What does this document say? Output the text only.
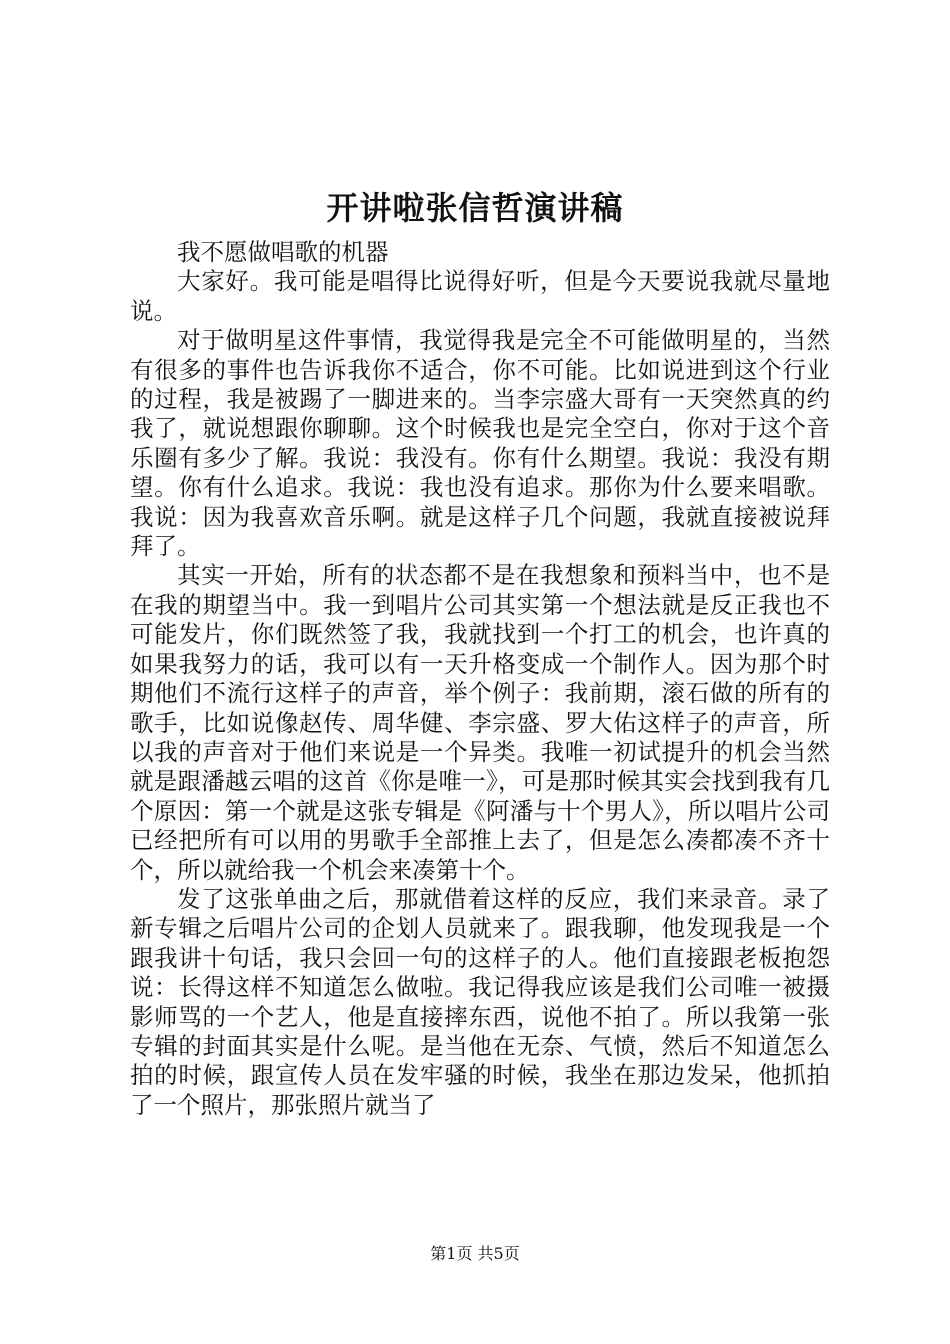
开讲啦张信哲演讲稿

我不愿做唱歌的机器

大家好。我可能是唱得比说得好听，但是今天要说我就尽量地说。

对于做明星这件事情，我觉得我是完全不可能做明星的，当然有很多的事件也告诉我你不适合，你不可能。比如说进到这个行业的过程，我是被踢了一脚进来的。当李宗盛大哥有一天突然真的约我了，就说想跟你聊聊。这个时候我也是完全空白，你对于这个音乐圈有多少了解。我说：我没有。你有什么期望。我说：我没有期望。你有什么追求。我说：我也没有追求。那你为什么要来唱歌。我说：因为我喜欢音乐啊。就是这样子几个问题，我就直接被说拜拜了。

其实一开始，所有的状态都不是在我想象和预料当中，也不是在我的期望当中。我一到唱片公司其实第一个想法就是反正我也不可能发片，你们既然签了我，我就找到一个打工的机会，也许真的如果我努力的话，我可以有一天升格变成一个制作人。因为那个时期他们不流行这样子的声音，举个例子：我前期，滚石做的所有的歌手，比如说像赵传、周华健、李宗盛、罗大佑这样子的声音，所以我的声音对于他们来说是一个异类。我唯一初试提升的机会当然就是跟潘越云唱的这首《你是唯一》，可是那时候其实会找到我有几个原因：第一个就是这张专辑是《阿潘与十个男人》，所以唱片公司已经把所有可以用的男歌手全部推上去了，但是怎么凑都凑不齐十个，所以就给我一个机会来凑第十个。

发了这张单曲之后，那就借着这样的反应，我们来录音。录了新专辑之后唱片公司的企划人员就来了。跟我聊，他发现我是一个跟我讲十句话，我只会回一句的这样子的人。他们直接跟老板抱怨说：长得这样不知道怎么做啦。我记得我应该是我们公司唯一被摄影师骂的一个艺人，他是直接摔东西，说他不拍了。所以我第一张专辑的封面其实是什么呢。是当他在无奈、气愤，然后不知道怎么拍的时候，跟宣传人员在发牢骚的时候，我坐在那边发呆，他抓拍了一个照片，那张照片就当了

第1页 共5页
